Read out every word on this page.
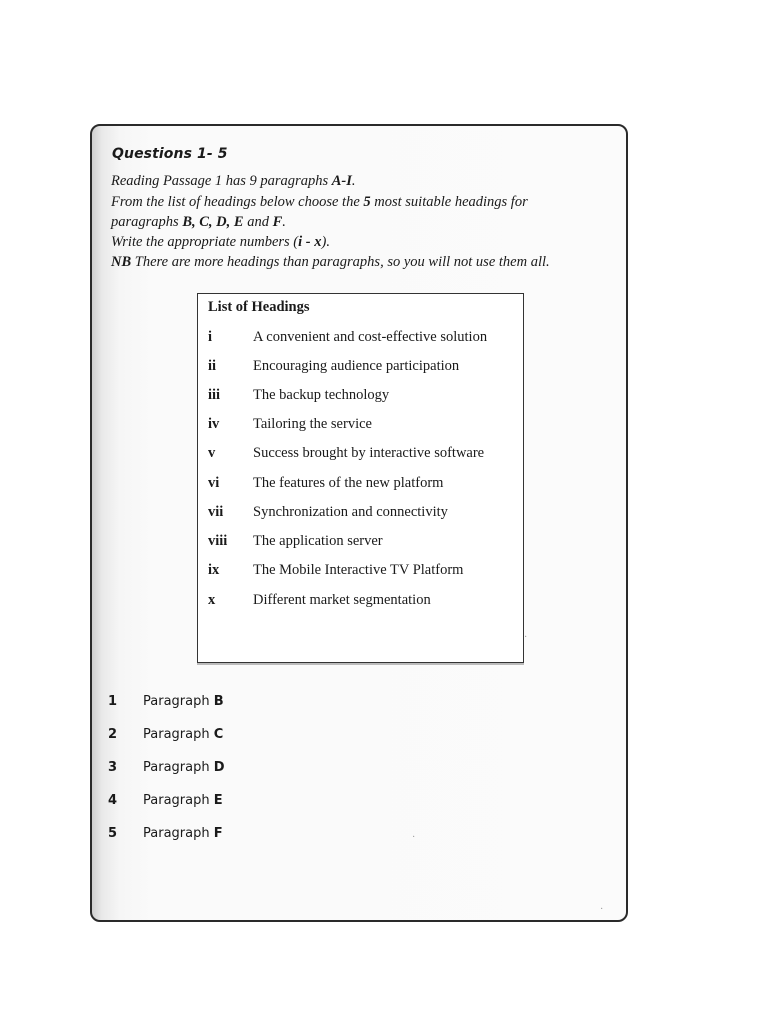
Questions 1- 5
Reading Passage 1 has 9 paragraphs A-I.
From the list of headings below choose the 5 most suitable headings for
paragraphs B, C, D, E and F.
Write the appropriate numbers (i - x).
NB There are more headings than paragraphs, so you will not use them all.
List of Headings
i	A convenient and cost-effective solution
ii	Encouraging audience participation
iii The backup technology
iv Tailoring the service
v	Success brought by interactive software
vi The features of the new platform
vii Synchronization and connectivity
viii The application server
ix The Mobile Interactive TV Platform
x	Different market segmentation
1 Paragraph B
2 Paragraph C
3 Paragraph D
4 Paragraph E
5 Paragraph F
·
·
·
